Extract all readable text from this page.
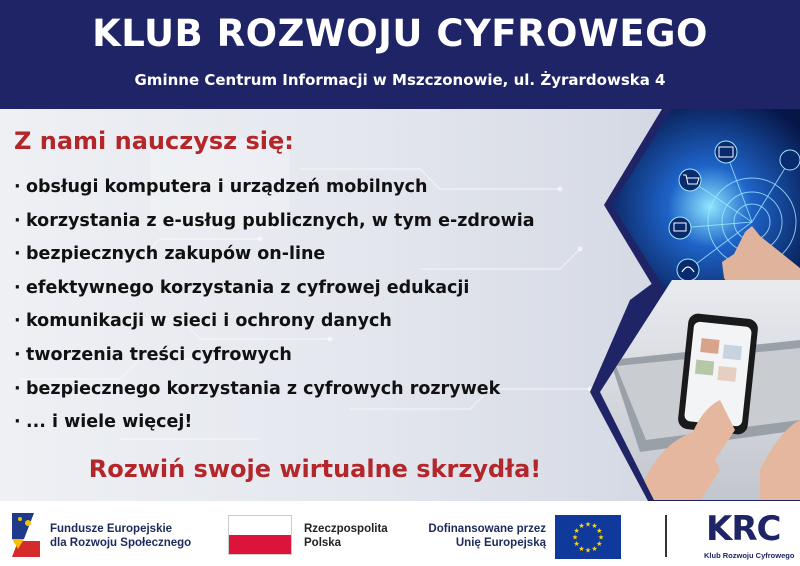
KLUB ROZWOJU CYFROWEGO
Gminne Centrum Informacji w Mszczonowie, ul. Żyrardowska 4
Z nami nauczysz się:
· obsługi komputera i urządzeń mobilnych
· korzystania z e-usług publicznych, w tym e-zdrowia
· bezpiecznych zakupów on-line
· efektywnego korzystania z cyfrowej edukacji
· komunikacji w sieci i ochrony danych
· tworzenia treści cyfrowych
· bezpiecznego korzystania z cyfrowych rozrywek
· ... i wiele więcej!
Rozwiń swoje wirtualne skrzydła!
Fundusze Europejskie
dla Rozwoju Społecznego
Rzeczpospolita
Polska
Dofinansowane przez
Unię Europejską
★ ★
★
★
★
★
★
★
★
★
★
★	KRC
Klub Rozwoju Cyfrowego
